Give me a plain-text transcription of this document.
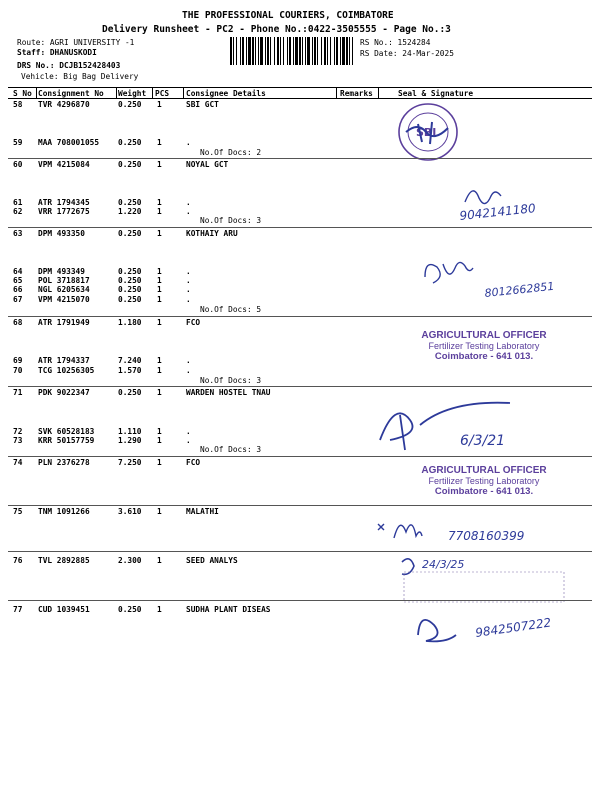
THE PROFESSIONAL COURIERS, COIMBATORE
Delivery Runsheet - PC2 - Phone No.:0422-3505555 - Page No.:3
Route: AGRI UNIVERSITY -1
Staff: DHANUSKODI
DRS No.: DCJB152428403
Vehicle: Big Bag Delivery
RS No.: 1524284
RS Date: 24-Mar-2025
SBI
9042141180
8012662851
AGRICULTURAL OFFICER
Fertilizer Testing Laboratory
Coimbatore - 641 013.
6/3/21
AGRICULTURAL OFFICER
Fertilizer Testing Laboratory
Coimbatore - 641 013.
7708160399
24/3/25
9842507222
S No Consignment No Weight PCS Consignee Details	Remarks	Seal & Signature
58 TVR 4296870	0.250 1	SBI GCT
59 MAA 708001055 0.250 1	.
No.Of Docs: 2
60 VPM 4215084	0.250 1	NOYAL GCT
61 ATR 1794345	0.250 1	.
62 VRR 1772675	1.220 1	.
No.Of Docs: 3
63 DPM 493350	0.250 1	KOTHAIY ARU
64 DPM 493349	0.250 1	.
65 POL 3718817	0.250 1	.
66 NGL 6205634	0.250 1	.
67 VPM 4215070	0.250 1	.
No.Of Docs: 5
68 ATR 1791949	1.180 1	FCO
69 ATR 1794337	7.240 1	.
70 TCG 10256305	1.570 1	.
No.Of Docs: 3
71 PDK 9022347	0.250 1	WARDEN HOSTEL TNAU
72 SVK 60528183	1.110 1	.
73 KRR 50157759	1.290 1	.
No.Of Docs: 3
74 PLN 2376278	7.250 1	FCO
75 TNM 1091266	3.610 1	MALATHI
76 TVL 2892885	2.300 1	SEED ANALYS
77 CUD 1039451	0.250 1	SUDHA PLANT DISEAS
